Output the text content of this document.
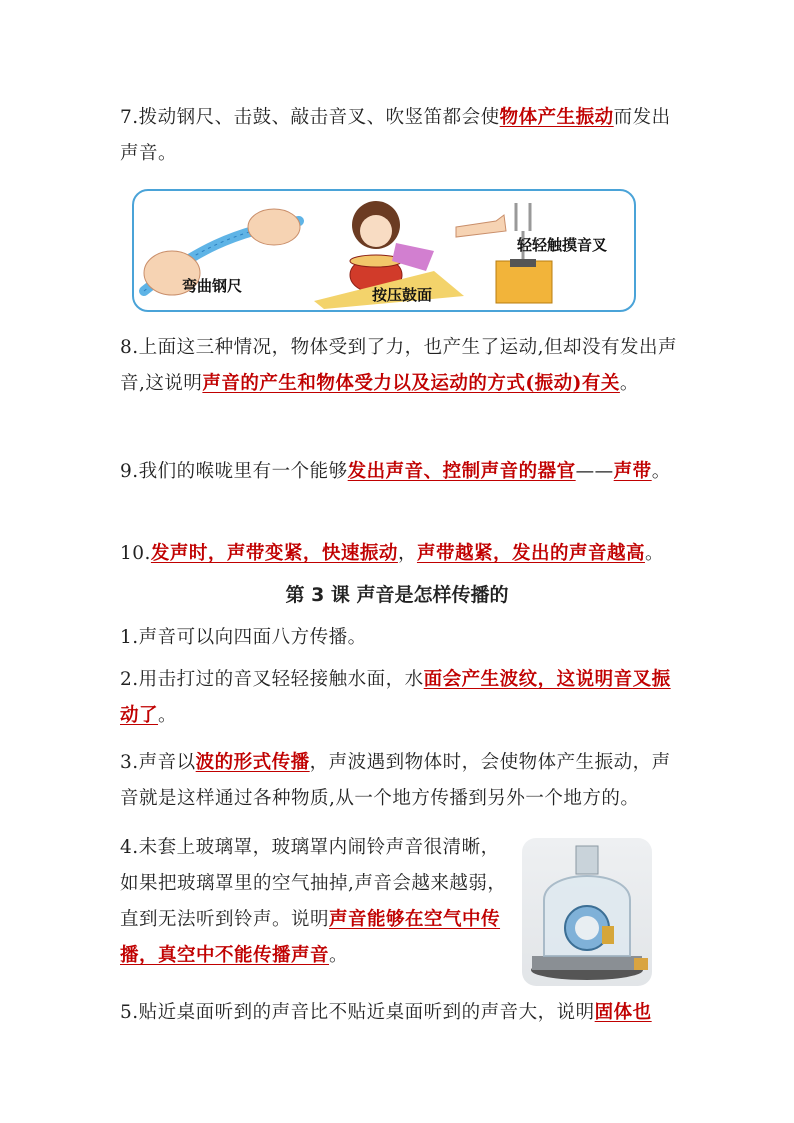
7.拨动钢尺、击鼓、敲击音叉、吹竖笛都会使物体产生振动而发出声音。
弯曲钢尺	按压鼓面
轻轻触摸音叉
8.上面这三种情况，物体受到了力，也产生了运动,但却没有发出声音,这说明声音的产生和物体受力以及运动的方式(振动)有关。
9.我们的喉咙里有一个能够发出声音、控制声音的器官——声带。
10.发声时，声带变紧，快速振动，声带越紧，发出的声音越高。
第 3 课 声音是怎样传播的
1.声音可以向四面八方传播。
2.用击打过的音叉轻轻接触水面，水面会产生波纹，这说明音叉振动了。
3.声音以波的形式传播，声波遇到物体时，会使物体产生振动，声音就是这样通过各种物质,从一个地方传播到另外一个地方的。
4.未套上玻璃罩，玻璃罩内闹铃声音很清晰，如果把玻璃罩里的空气抽掉,声音会越来越弱，直到无法听到铃声。说明声音能够在空气中传播，真空中不能传播声音。
5.贴近桌面听到的声音比不贴近桌面听到的声音大，说明固体也
